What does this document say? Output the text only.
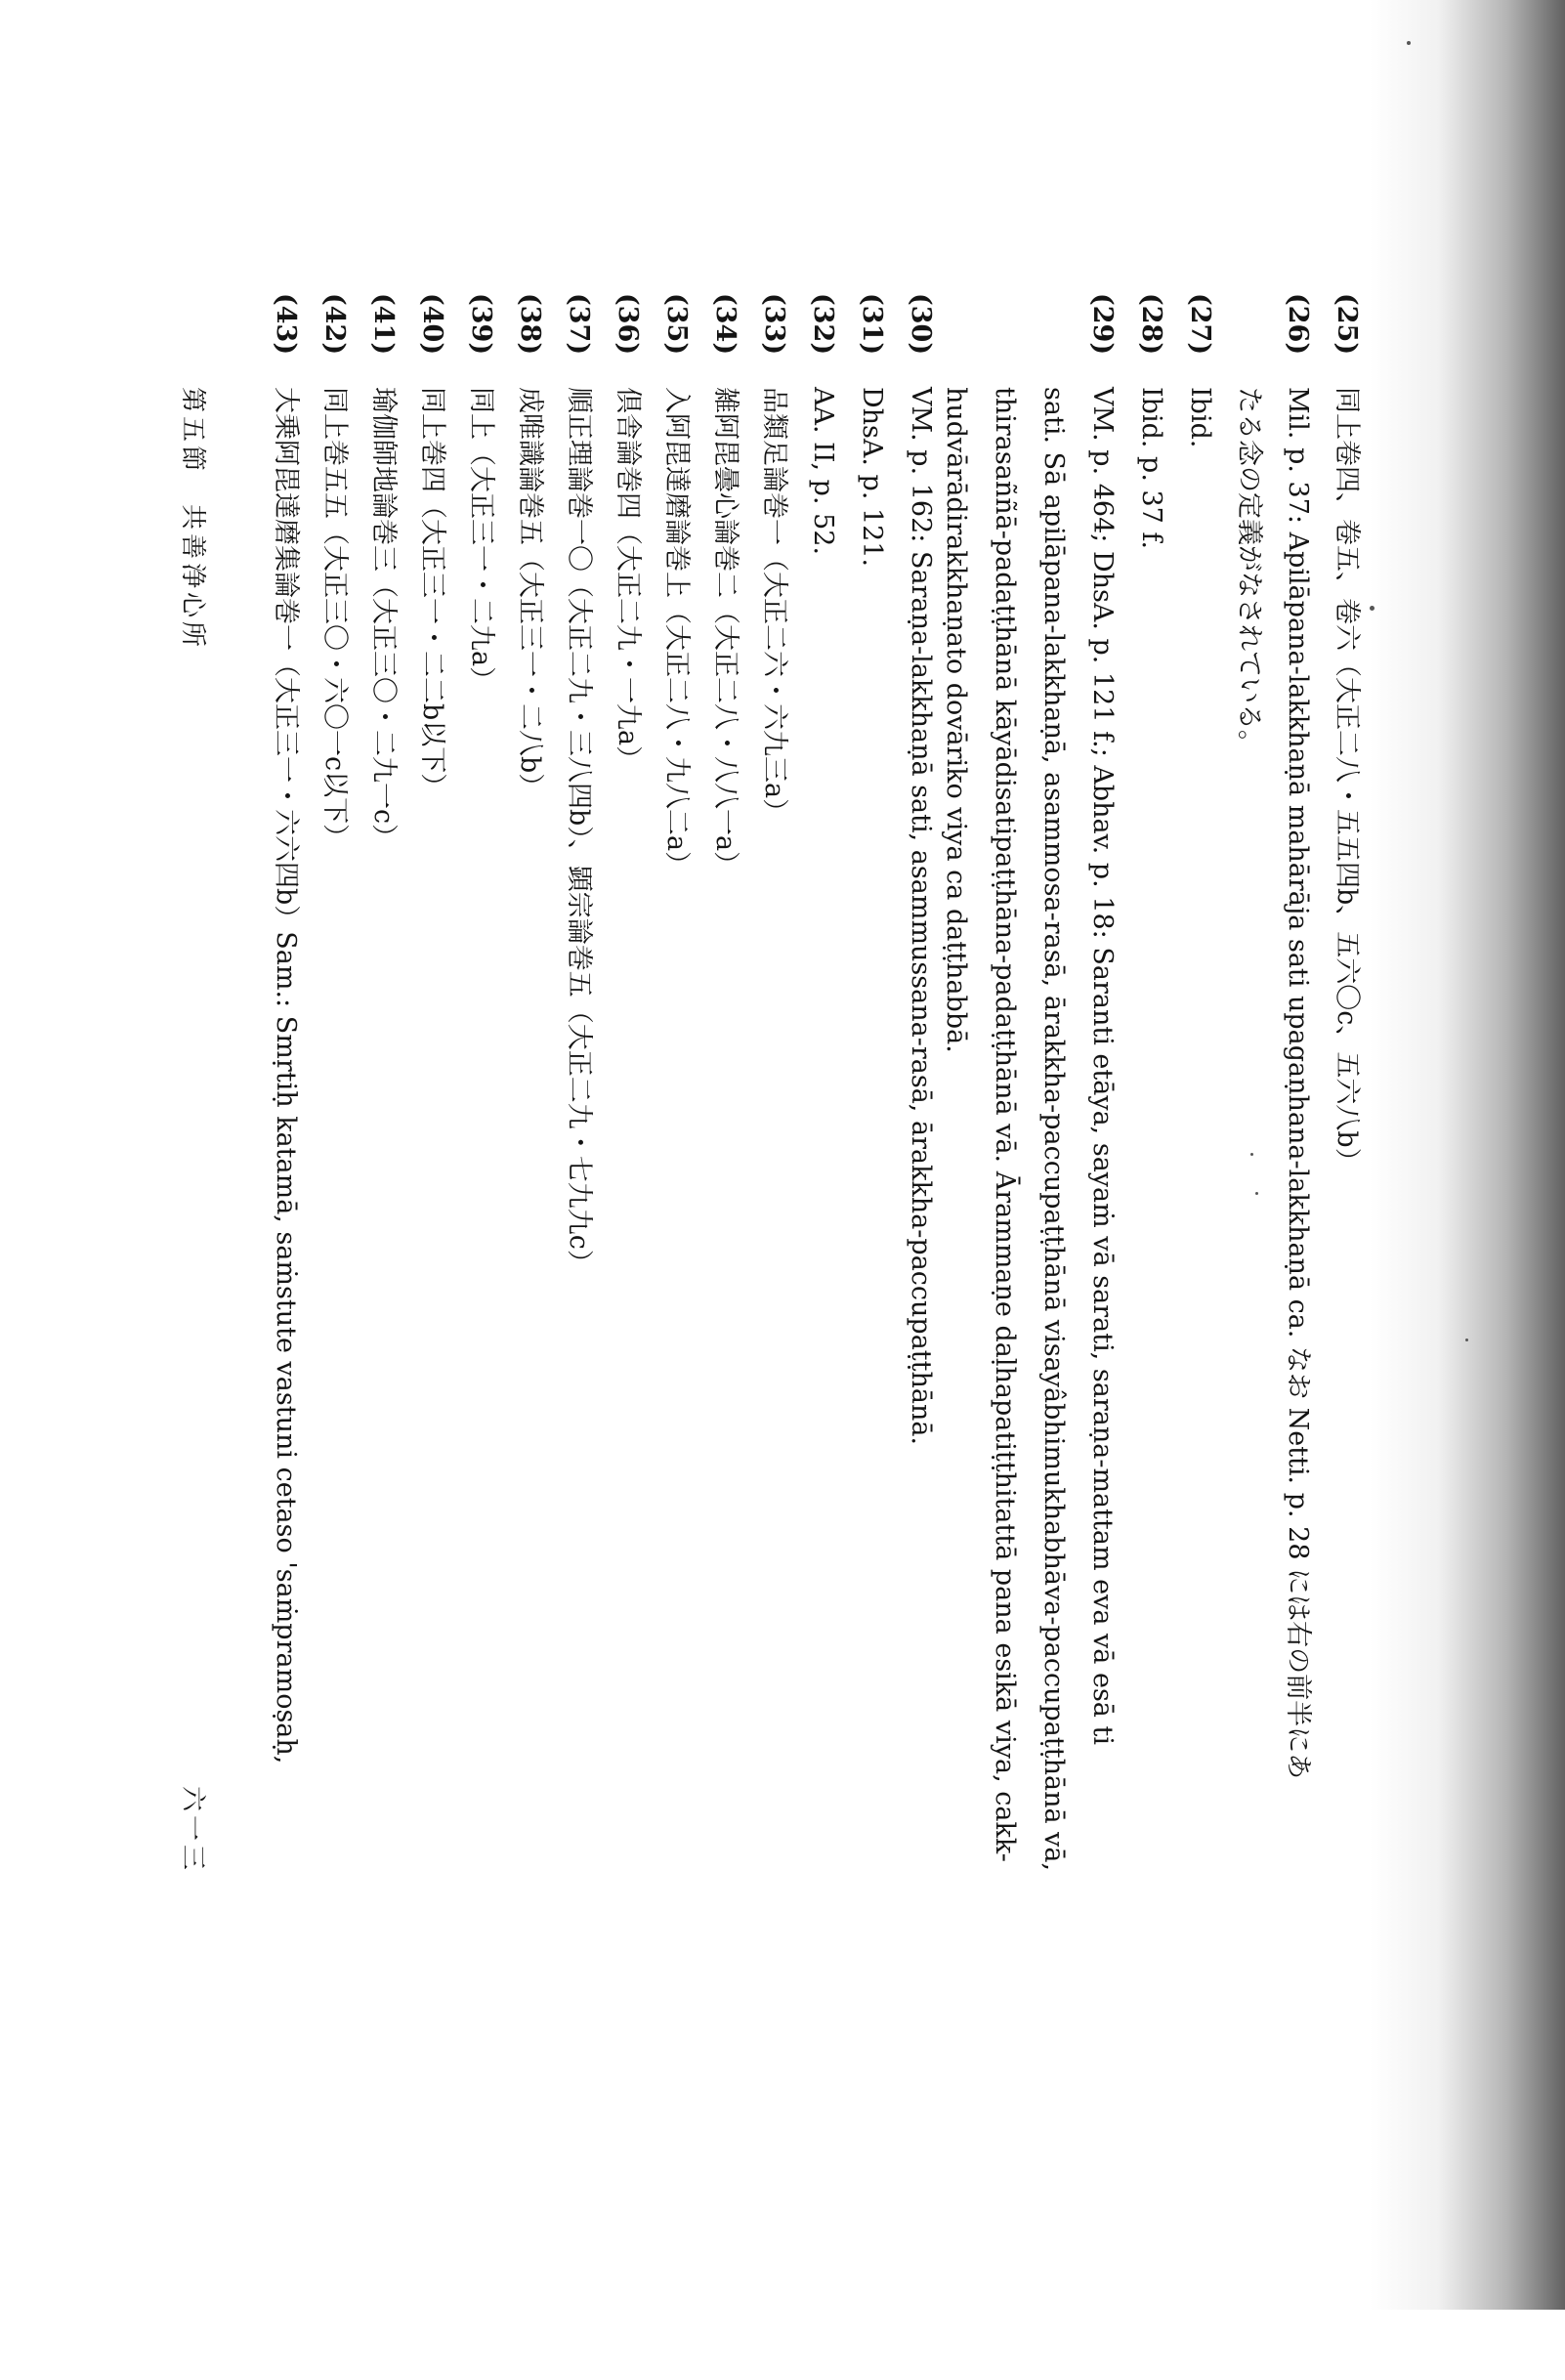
(25)同上卷四、卷五、卷六（大正二八・五五四b、五六〇c、五六八b）
(26)Mil. p. 37: Apilāpana-lakkhaṇā mahārāja sati upagaṇhana-lakkhaṇā ca. なお Netti. p. 28 には右の前半にあ
たる念の定義がなされている。
(27)Ibid.
(28)Ibid. p. 37 f.
(29)VM. p. 464; DhsA. p. 121 f.; Abhav. p. 18: Saranti etāya, sayaṁ vā sarati, saraṇa-mattam eva vā esā ti
sati. Sā apilāpana-lakkhaṇā, asammosa-rasā, ārakkha-paccupaṭṭhānā visayâbhimukhabhāva-paccupaṭṭhānā vā,
thirasaññā-padaṭṭhānā kāyādisatipaṭṭhāna-padaṭṭhānā vā. Ārammaṇe daḷhapatiṭṭhitattā pana esikā viya, cakk-
hudvārādirakkhaṇato dovāriko viya ca daṭṭhabbā.
(30)VM. p. 162: Saraṇa-lakkhaṇā sati, asammussana-rasā, ārakkha-paccupaṭṭhānā.
(31)DhsA. p. 121.
(32)AA. II, p. 52.
(33)品類足論巻一（大正二六・六九三a）
(34)雑阿毘曇心論巻二（大正二八・八八一a）
(35)入阿毘達磨論巻上（大正二八・九八二a）
(36)倶舎論巻四（大正二九・一九a）
(37)順正理論巻一〇（大正二九・三八四b）、顕宗論巻五（大正二九・七九九c）
(38)成唯識論巻五（大正三一・二八b）
(39)同上（大正三一・二九a）
(40)同上巻四（大正三一・二二b以下）
(41)瑜伽師地論巻三（大正三〇・二九一c）
(42)同上巻五五（大正三〇・六〇一c以下）
(43)大乗阿毘達磨集論巻一（大正三一・六六四b）Sam.: Smṛtiḥ katamā, saṁstute vastuni cetaso 'saṁpramoṣaḥ,
第五節　共善浄心所
六一三
